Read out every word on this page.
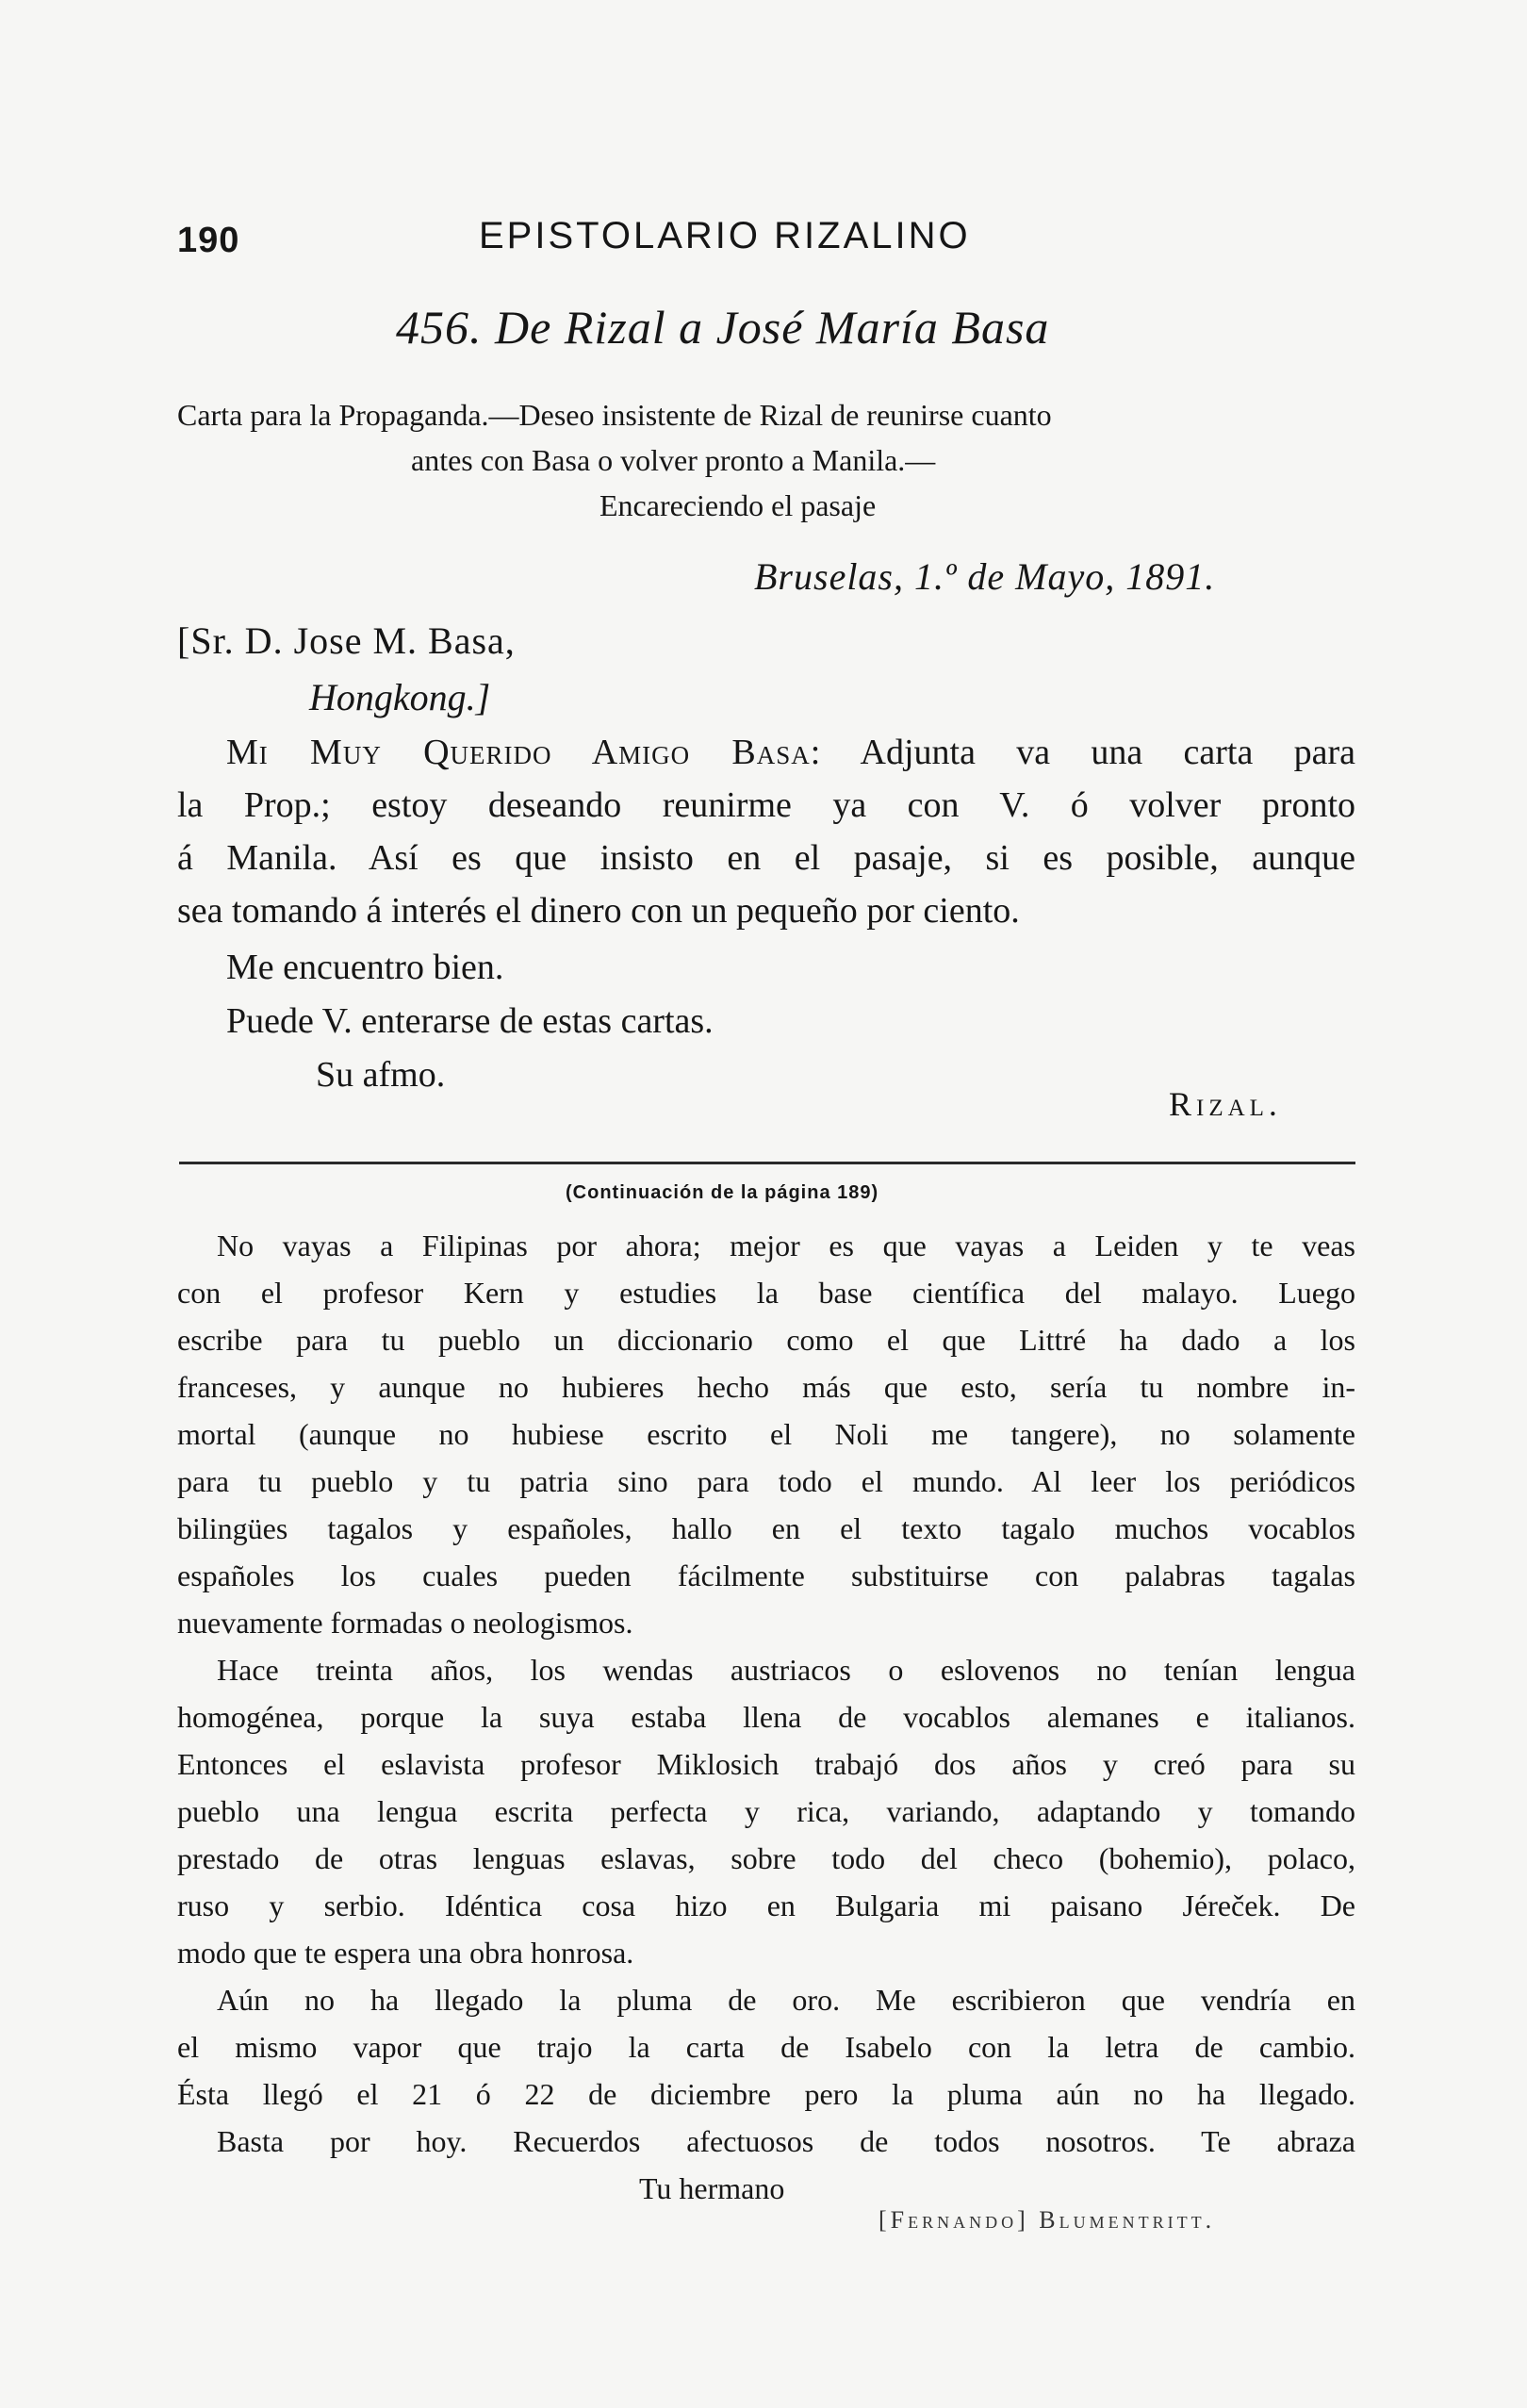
190	EPISTOLARIO RIZALINO
456. De Rizal a José María Basa
Carta para la Propaganda.—Deseo insistente de Rizal de reunirse cuanto
antes con Basa o volver pronto a Manila.—
Encareciendo el pasaje
Bruselas, 1.º de Mayo, 1891.
[Sr. D. Jose M. Basa,
Hongkong.]
Mi Muy Querido Amigo Basa: Adjunta va una carta para
la Prop.; estoy deseando reunirme ya con V. ó volver pronto
á Manila. Así es que insisto en el pasaje, si es posible, aunque
sea tomando á interés el dinero con un pequeño por ciento.
Me encuentro bien.
Puede V. enterarse de estas cartas.
Su afmo.
Rizal.
(Continuación de la página 189)
No vayas a Filipinas por ahora; mejor es que vayas a Leiden y te veas
con el profesor Kern y estudies la base científica del malayo. Luego
escribe para tu pueblo un diccionario como el que Littré ha dado a los
franceses, y aunque no hubieres hecho más que esto, sería tu nombre in-
mortal (aunque no hubiese escrito el Noli me tangere), no solamente
para tu pueblo y tu patria sino para todo el mundo. Al leer los periódicos
bilingües tagalos y españoles, hallo en el texto tagalo muchos vocablos
españoles los cuales pueden fácilmente substituirse con palabras tagalas
nuevamente formadas o neologismos.
Hace treinta años, los wendas austriacos o eslovenos no tenían lengua
homogénea, porque la suya estaba llena de vocablos alemanes e italianos.
Entonces el eslavista profesor Miklosich trabajó dos años y creó para su
pueblo una lengua escrita perfecta y rica, variando, adaptando y tomando
prestado de otras lenguas eslavas, sobre todo del checo (bohemio), polaco,
ruso y serbio. Idéntica cosa hizo en Bulgaria mi paisano Jéreček. De
modo que te espera una obra honrosa.
Aún no ha llegado la pluma de oro. Me escribieron que vendría en
el mismo vapor que trajo la carta de Isabelo con la letra de cambio.
Ésta llegó el 21 ó 22 de diciembre pero la pluma aún no ha llegado.
Basta por hoy. Recuerdos afectuosos de todos nosotros. Te abraza
Tu hermano
[Fernando] Blumentritt.
